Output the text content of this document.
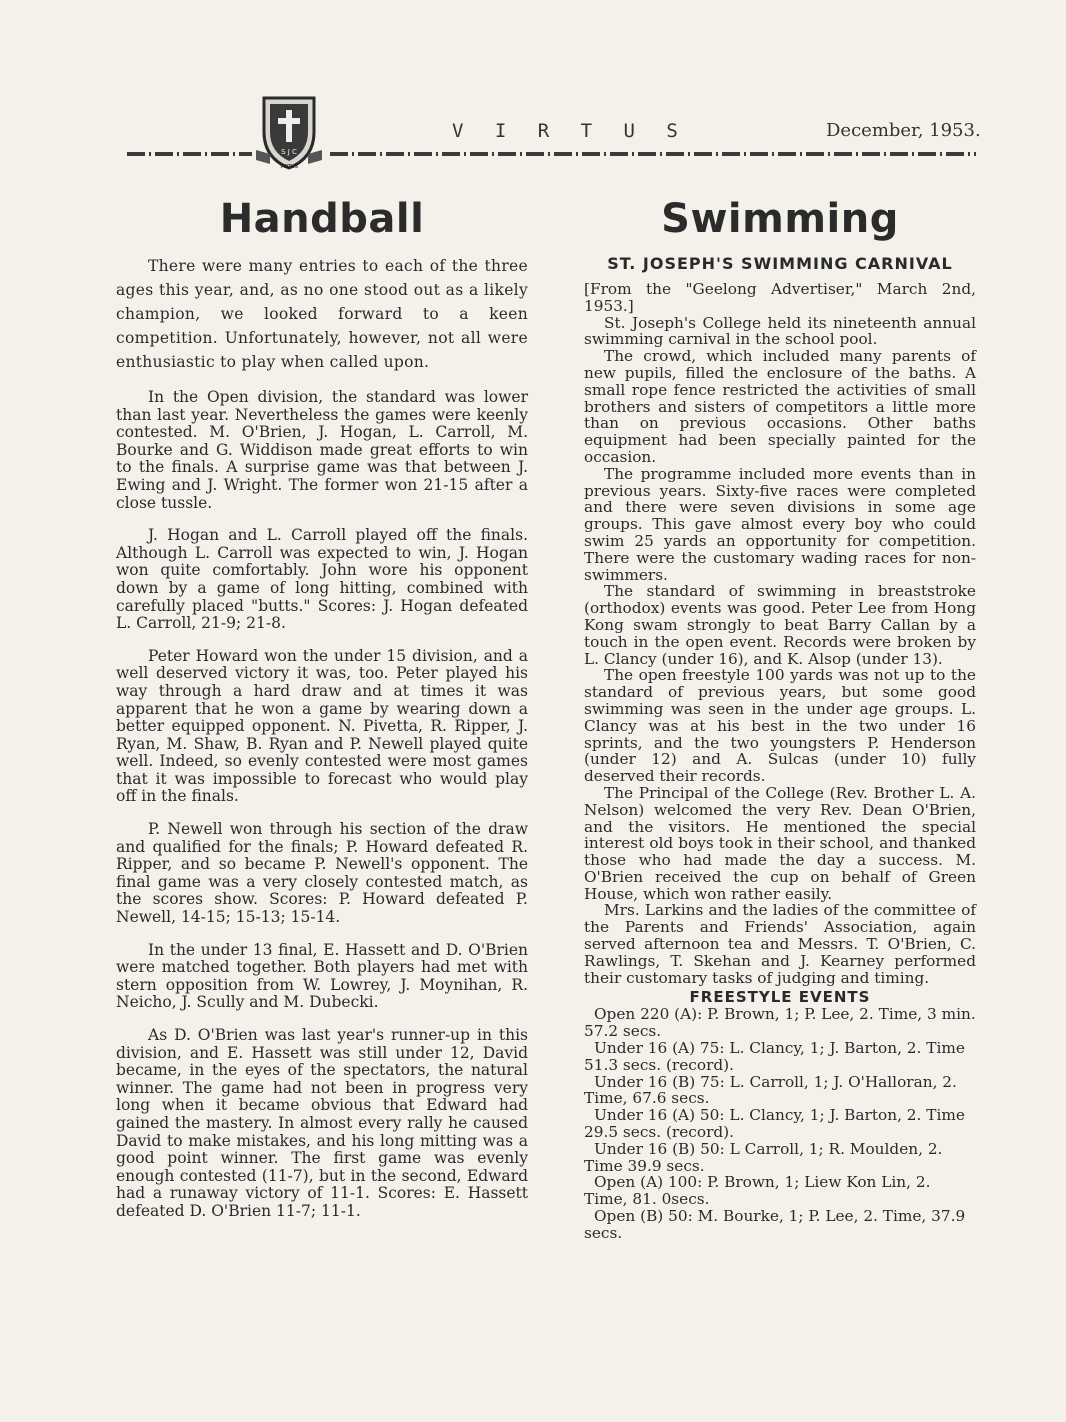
S J C
VIRTUS
V I R T U S	December, 1953.
Handball

There were many entries to each of the three ages this year, and, as no one stood out as a likely champion, we looked forward to a keen competition. Unfortunately, however, not all were enthusiastic to play when called upon.

In the Open division, the standard was lower than last year. Nevertheless the games were keenly contested. M. O'Brien, J. Hogan, L. Carroll, M. Bourke and G. Widdison made great efforts to win to the finals. A surprise game was that between J. Ewing and J. Wright. The former won 21-15 after a close tussle.

J. Hogan and L. Carroll played off the finals. Although L. Carroll was expected to win, J. Hogan won quite comfortably. John wore his opponent down by a game of long hitting, combined with carefully placed "butts." Scores: J. Hogan defeated L. Carroll, 21-9; 21-8.

Peter Howard won the under 15 division, and a well deserved victory it was, too. Peter played his way through a hard draw and at times it was apparent that he won a game by wearing down a better equipped opponent. N. Pivetta, R. Ripper, J. Ryan, M. Shaw, B. Ryan and P. Newell played quite well. Indeed, so evenly contested were most games that it was impossible to forecast who would play off in the finals.

P. Newell won through his section of the draw and qualified for the finals; P. Howard defeated R. Ripper, and so became P. Newell's opponent. The final game was a very closely contested match, as the scores show. Scores: P. Howard defeated P. Newell, 14-15; 15-13; 15-14.

In the under 13 final, E. Hassett and D. O'Brien were matched together. Both players had met with stern opposition from W. Lowrey, J. Moynihan, R. Neicho, J. Scully and M. Dubecki.

As D. O'Brien was last year's runner-up in this division, and E. Hassett was still under 12, David became, in the eyes of the spectators, the natural winner. The game had not been in progress very long when it became obvious that Edward had gained the mastery. In almost every rally he caused David to make mistakes, and his long mitting was a good point winner. The first game was evenly enough contested (11-7), but in the second, Edward had a runaway victory of 11-1. Scores: E. Hassett defeated D. O'Brien 11-7; 11-1.

Swimming
ST. JOSEPH'S SWIMMING CARNIVAL

[From the "Geelong Advertiser," March 2nd, 1953.]

St. Joseph's College held its nineteenth annual swimming carnival in the school pool.

The crowd, which included many parents of new pupils, filled the enclosure of the baths. A small rope fence restricted the activities of small brothers and sisters of competitors a little more than on previous occasions. Other baths equipment had been specially painted for the occasion.

The programme included more events than in previous years. Sixty-five races were completed and there were seven divisions in some age groups. This gave almost every boy who could swim 25 yards an opportunity for competition. There were the customary wading races for non-swimmers.

The standard of swimming in breaststroke (orthodox) events was good. Peter Lee from Hong Kong swam strongly to beat Barry Callan by a touch in the open event. Records were broken by L. Clancy (under 16), and K. Alsop (under 13).

The open freestyle 100 yards was not up to the standard of previous years, but some good swimming was seen in the under age groups. L. Clancy was at his best in the two under 16 sprints, and the two youngsters P. Henderson (under 12) and A. Sulcas (under 10) fully deserved their records.

The Principal of the College (Rev. Brother L. A. Nelson) welcomed the very Rev. Dean O'Brien, and the visitors. He mentioned the special interest old boys took in their school, and thanked those who had made the day a success. M. O'Brien received the cup on behalf of Green House, which won rather easily.

Mrs. Larkins and the ladies of the committee of the Parents and Friends' Association, again served afternoon tea and Messrs. T. O'Brien, C. Rawlings, T. Skehan and J. Kearney performed their customary tasks of judging and timing.

FREESTYLE EVENTS
Open 220 (A): P. Brown, 1; P. Lee, 2. Time, 3 min. 57.2 secs.
Under 16 (A) 75: L. Clancy, 1; J. Barton, 2. Time 51.3 secs. (record).
Under 16 (B) 75: L. Carroll, 1; J. O'Halloran, 2. Time, 67.6 secs.
Under 16 (A) 50: L. Clancy, 1; J. Barton, 2. Time 29.5 secs. (record).
Under 16 (B) 50: L Carroll, 1; R. Moulden, 2. Time 39.9 secs.
Open (A) 100: P. Brown, 1; Liew Kon Lin, 2. Time, 81. 0secs.
Open (B) 50: M. Bourke, 1; P. Lee, 2. Time, 37.9 secs.
